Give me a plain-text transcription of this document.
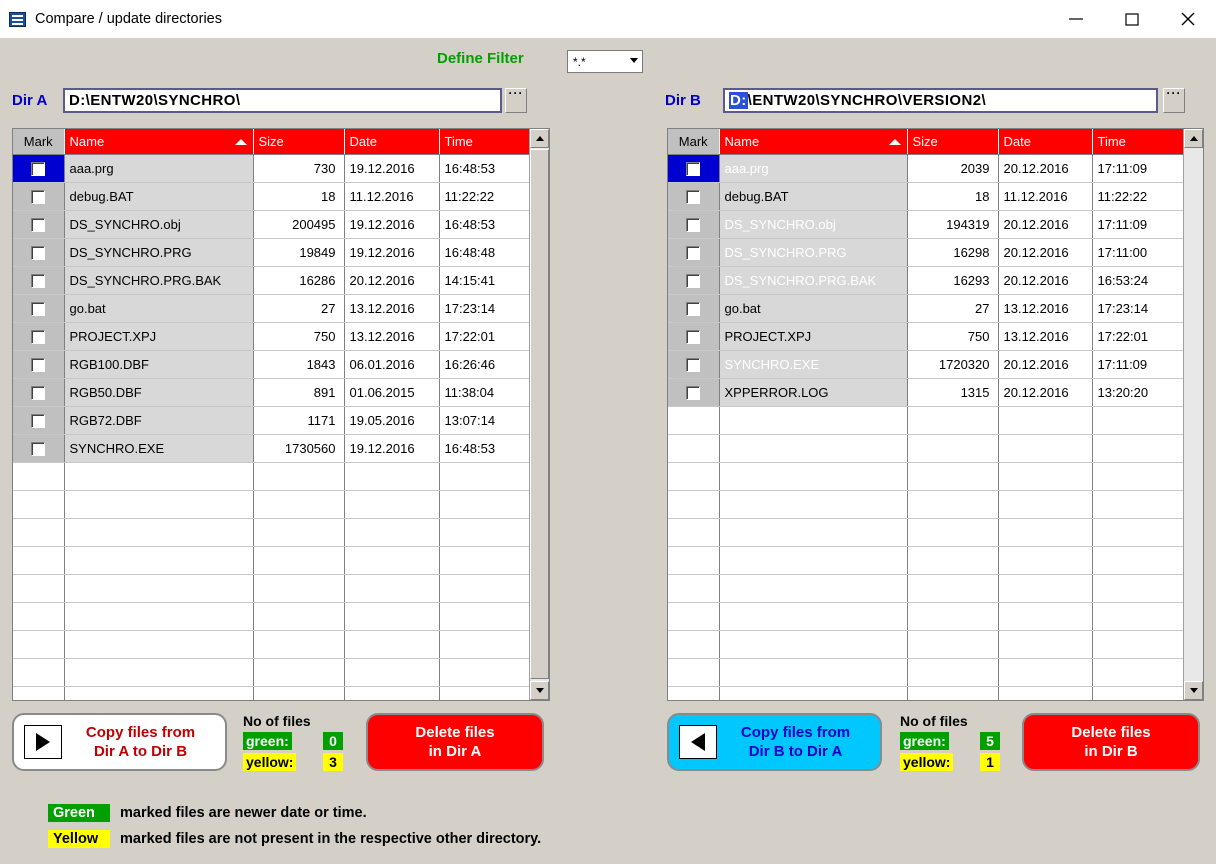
Compare / update directories
Define Filter	*.*
Dir A D: \ENTW20\SYNCHRO\	···	Dir B D: \ENTW20\SYNCHRO\VERSION2\	···
Mark	Name	Size	Date	Time
	aaa.prg	730	19.12.2016	16:48:53
	debug.BAT	18	11.12.2016	11:22:22
	DS_SYNCHRO.obj	200495	19.12.2016	16:48:53
	DS_SYNCHRO.PRG	19849	19.12.2016	16:48:48
	DS_SYNCHRO.PRG.BAK	16286	20.12.2016	14:15:41
	go.bat	27	13.12.2016	17:23:14
	PROJECT.XPJ	750	13.12.2016	17:22:01
	RGB100.DBF	1843	06.01.2016	16:26:46
	RGB50.DBF	891	01.06.2015	11:38:04
	RGB72.DBF	1171	19.05.2016	13:07:14
	SYNCHRO.EXE	1730560	19.12.2016	16:48:53

Mark	Name	Size	Date	Time
	aaa.prg	2039	20.12.2016	17:11:09
	debug.BAT	18	11.12.2016	11:22:22
	DS_SYNCHRO.obj	194319	20.12.2016	17:11:09
	DS_SYNCHRO.PRG	16298	20.12.2016	17:11:00
	DS_SYNCHRO.PRG.BAK	16293	20.12.2016	16:53:24
	go.bat	27	13.12.2016	17:23:14
	PROJECT.XPJ	750	13.12.2016	17:22:01
	SYNCHRO.EXE	1720320	20.12.2016	17:11:09
	XPPERROR.LOG	1315	20.12.2016	13:20:20

Copy files from
Dir A to Dir B
No of files
green:	0
yellow:	3
Delete files
in Dir A
Copy files from
Dir B to Dir A
No of files
green:	5
yellow:	1
Delete files
in Dir B
Green	marked files are newer date or time.
Yellow	marked files are not present in the respective other directory.
